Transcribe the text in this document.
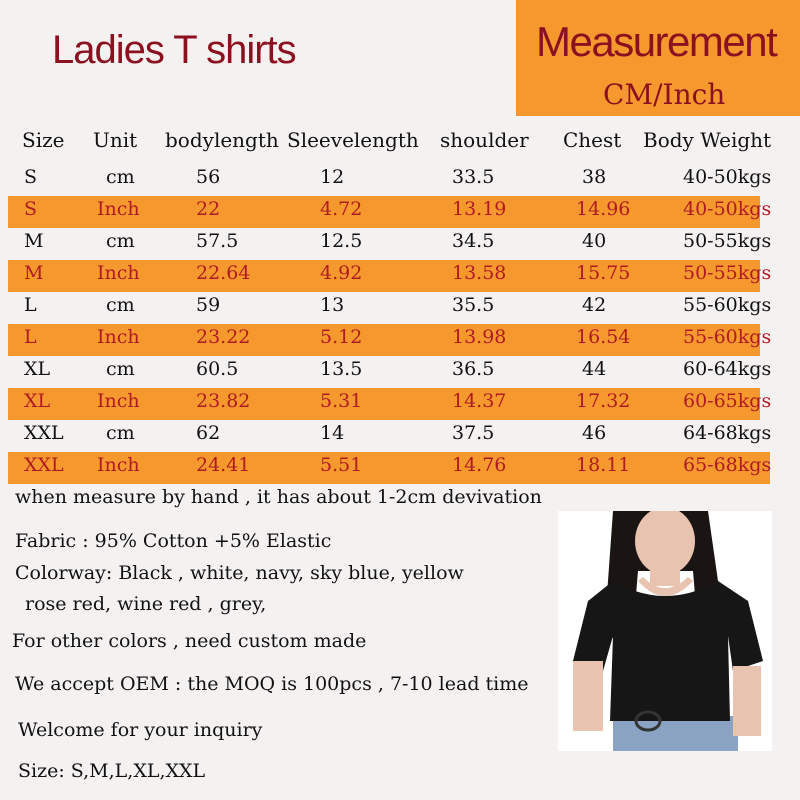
Ladies T shirts	Measurement
CM/Inch
Size Unit bodylength Sleevelength shoulder Chest Body Weight
S	cm	56	12	33.5	38	40-50kgs
S	Inch	22	4.72	13.19	14.96	40-50kgs
M	cm	57.5	12.5	34.5	40	50-55kgs
M	Inch	22.64	4.92	13.58	15.75	50-55kgs
L	cm	59	13	35.5	42	55-60kgs
L	Inch	23.22	5.12	13.98	16.54	55-60kgs
XL	cm	60.5	13.5	36.5	44	60-64kgs
XL Inch	23.82	5.31	14.37	17.32	60-65kgs
XXL cm	62	14	37.5	46	64-68kgs
XXL Inch	24.41	5.51	14.76	18.11	65-68kgs
when measure by hand , it has about 1-2cm devivation
Fabric : 95% Cotton +5% Elastic
Colorway: Black , white, navy, sky blue, yellow
rose red, wine red , grey,
For other colors , need custom made
We accept OEM : the MOQ is 100pcs , 7-10 lead time
Welcome for your inquiry
Size: S,M,L,XL,XXL
